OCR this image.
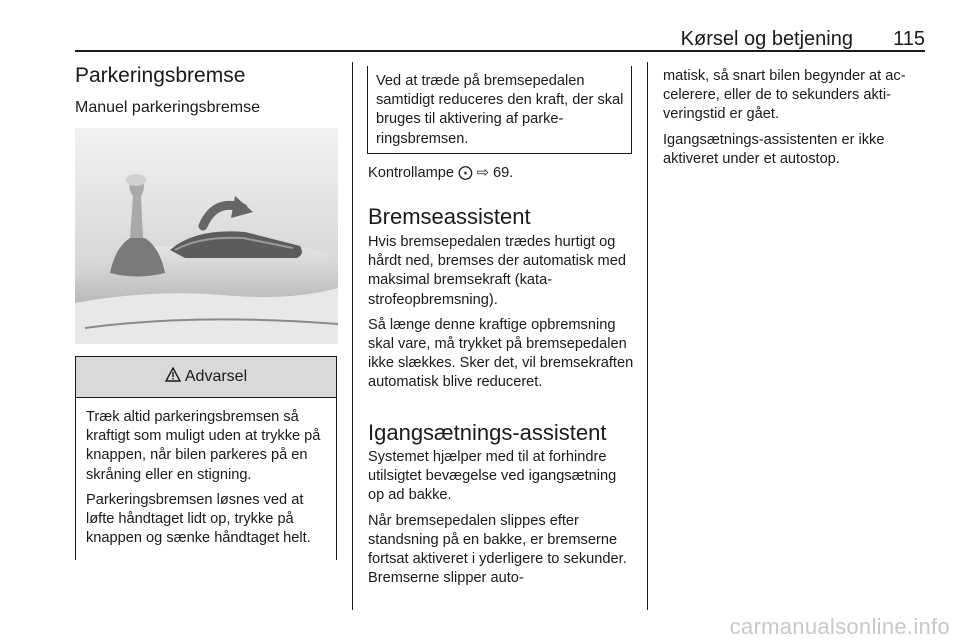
Kørsel og betjening 115
Parkeringsbremse
Manuel parkeringsbremse
Advarsel

Træk altid parkeringsbremsen så kraftigt som muligt uden at trykke på knappen, når bilen parkeres på en skråning eller en stigning.

Parkeringsbremsen løsnes ved at løfte håndtaget lidt op, trykke på knappen og sænke håndtaget helt.

Ved at træde på bremsepedalen samtidigt reduceres den kraft, der skal bruges til aktivering af parkeringsbremsen.
Kontrollampe ⨀ ⇨ 69.
Bremseassistent

Hvis bremsepedalen trædes hurtigt og hårdt ned, bremses der automatisk med maksimal bremsekraft (katastrofeopbremsning).

Så længe denne kraftige opbremsning skal vare, må trykket på bremsepedalen ikke slækkes. Sker det, vil bremsekraften automatisk blive reduceret.

Igangsætnings-assistent

Systemet hjælper med til at forhindre utilsigtet bevægelse ved igangsætning op ad bakke.

Når bremsepedalen slippes efter standsning på en bakke, er bremserne fortsat aktiveret i yderligere to sekunder. Bremserne slipper auto-

matisk, så snart bilen begynder at accelerere, eller de to sekunders aktiveringstid er gået.

Igangsætnings-assistenten er ikke aktiveret under et autostop.

carmanualsonline.info
